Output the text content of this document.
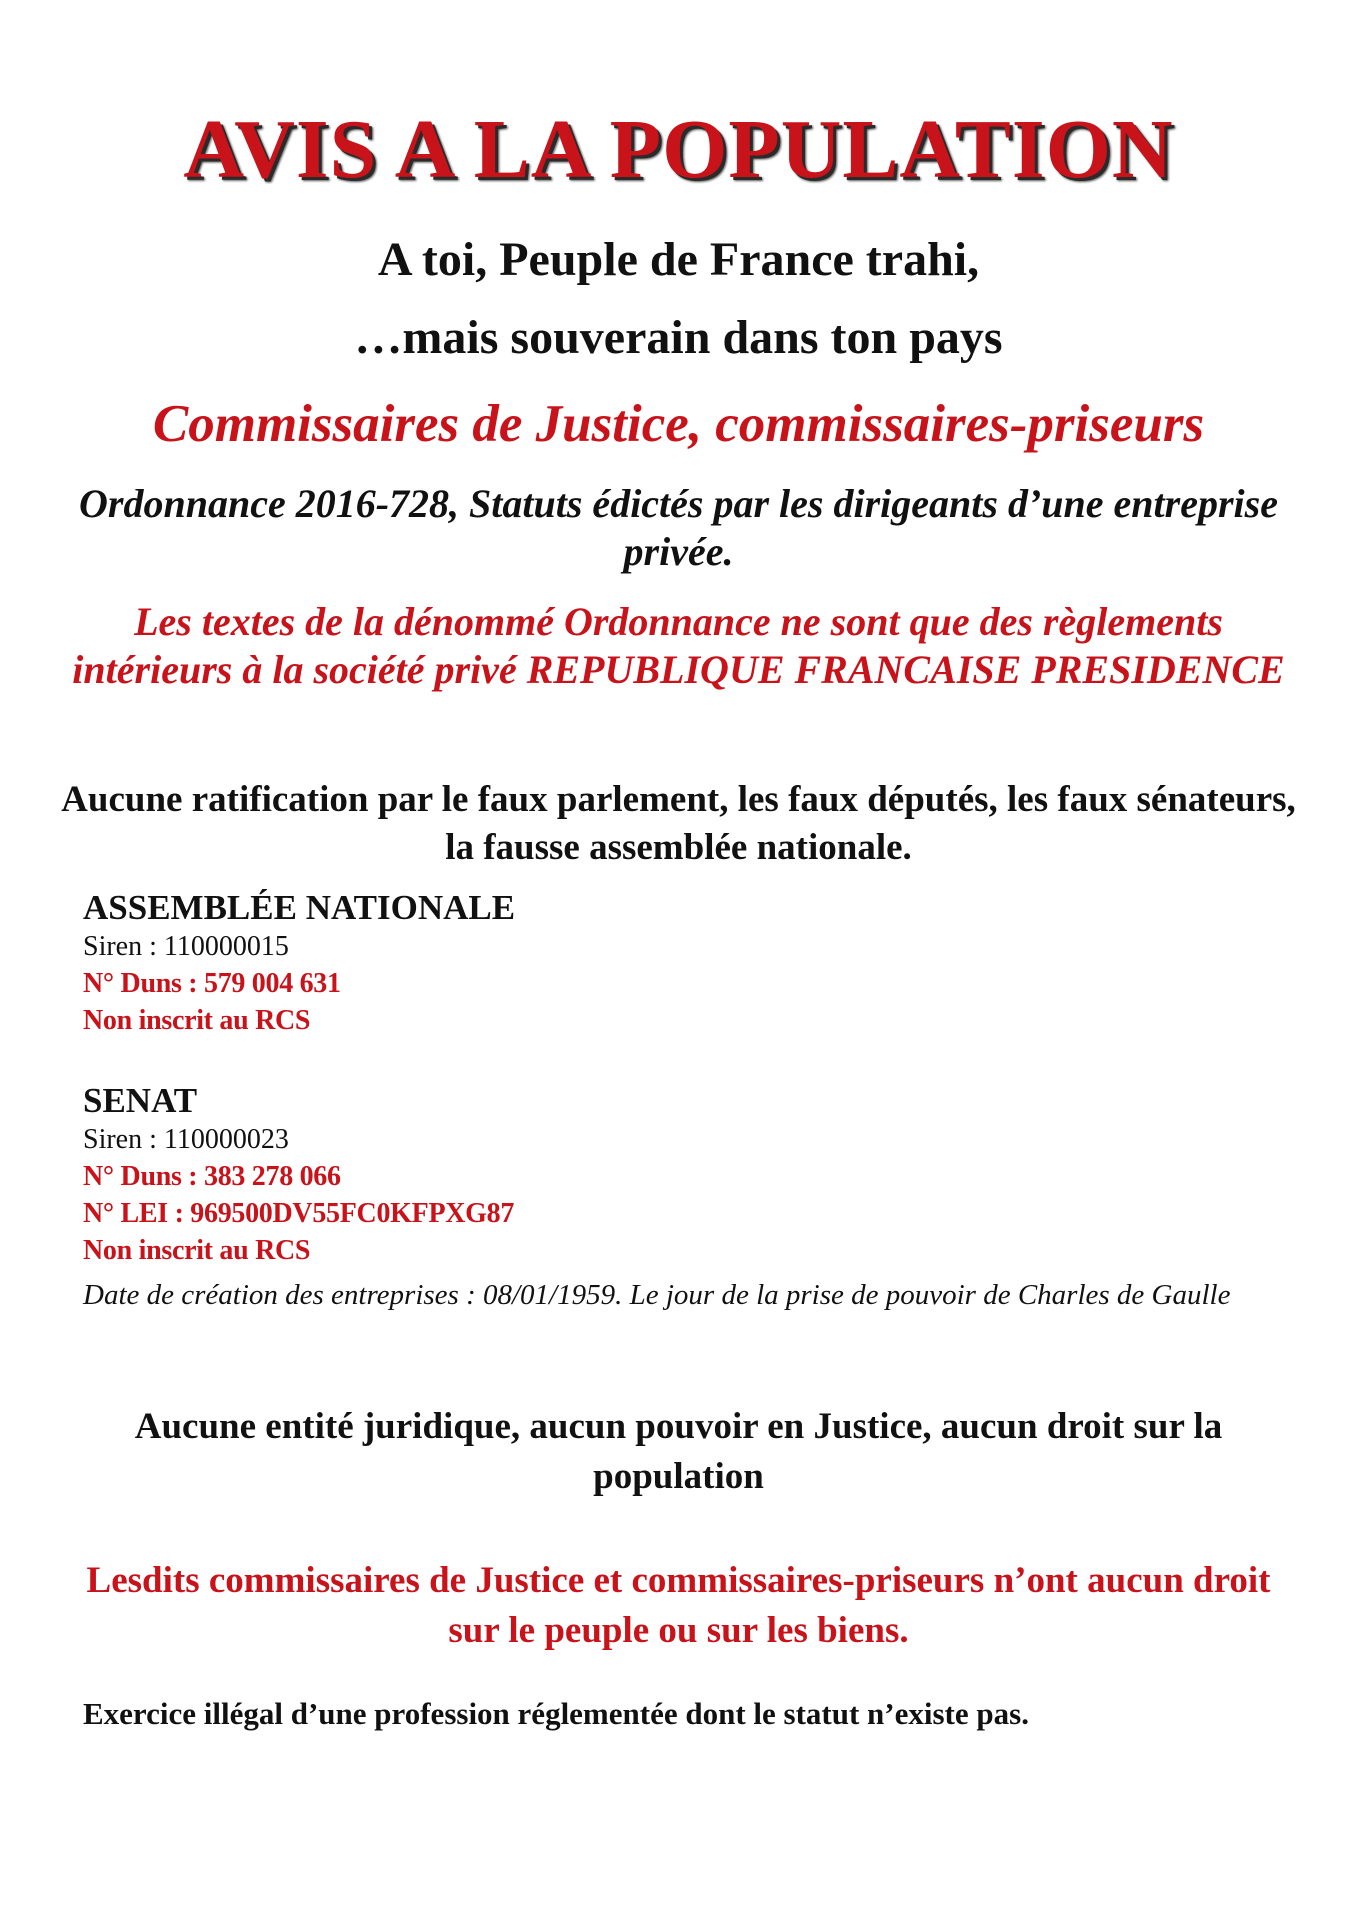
AVIS A LA POPULATION
A toi, Peuple de France trahi,
…mais souverain dans ton pays
Commissaires de Justice, commissaires-priseurs
Ordonnance 2016-728, Statuts édictés par les dirigeants d’une entreprise privée.
Les textes de la dénommé Ordonnance ne sont que des règlements intérieurs à la société privé REPUBLIQUE FRANCAISE PRESIDENCE
Aucune ratification par le faux parlement, les faux députés, les faux sénateurs, la fausse assemblée nationale.
ASSEMBLÉE NATIONALE
Siren : 110000015
N° Duns : 579 004 631
Non inscrit au RCS
SENAT
Siren : 110000023
N° Duns : 383 278 066
N° LEI : 969500DV55FC0KFPXG87
Non inscrit au RCS
Date de création des entreprises : 08/01/1959. Le jour de la prise de pouvoir de Charles de Gaulle
Aucune entité juridique, aucun pouvoir en Justice, aucun droit sur la population
Lesdits commissaires de Justice et commissaires-priseurs n’ont aucun droit sur le peuple ou sur les biens.
Exercice illégal d’une profession réglementée dont le statut n’existe pas.
